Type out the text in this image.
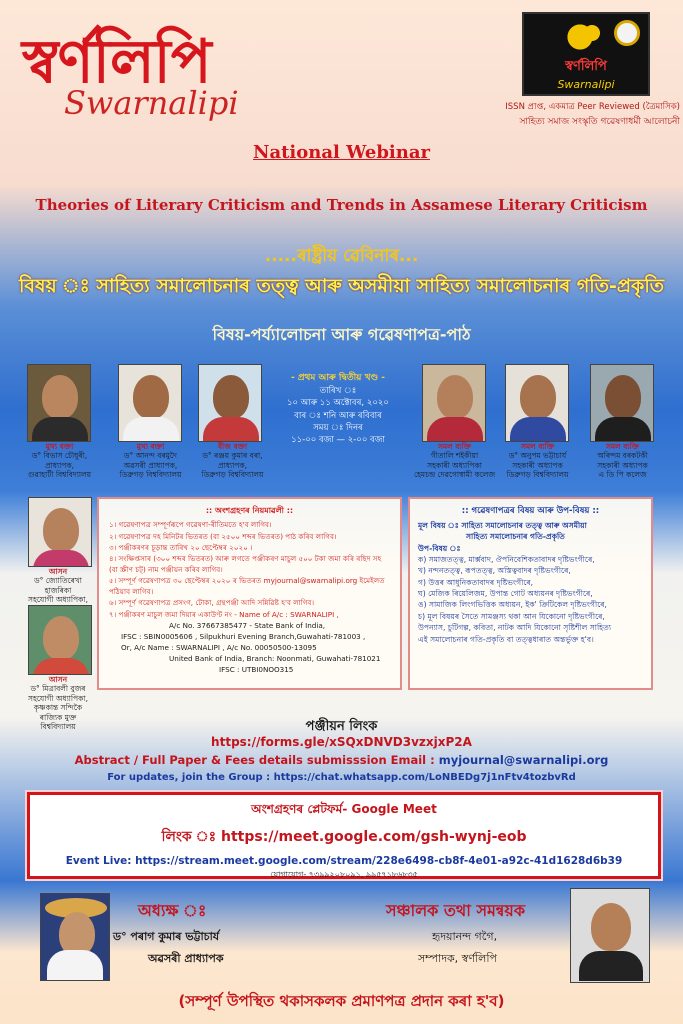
স্বৰ্ণলিপি
Swarnalipi
স্বৰ্ণলিপি
Swarnalipi
ISSN প্ৰাপ্ত, একমাত্ৰ Peer Reviewed (ত্ৰৈমাসিক)
সাহিত্য সমাজ সংস্কৃতি গৱেষণাধৰ্মী আলোচনী
National Webinar
Theories of Literary Criticism and Trends in Assamese Literary Criticism
.....ৰাষ্ট্ৰীয় ৱেবিনাৰ...
বিষয় ঃ সাহিত্য সমালোচনাৰ তত্ত্ব আৰু অসমীয়া সাহিত্য সমালোচনাৰ গতি-প্ৰকৃতি
বিষয়-পৰ্য্যালোচনা আৰু গৱেষণাপত্ৰ-পাঠ
মুখ্য বক্তা
ড° বিভাস চৌধুৰী,
প্ৰাধ্যাপক,
গুৱাহাটী বিশ্ববিদ্যালয়
মুখ্য বক্তা
ড° আনন্দ বৰমুদৈ
অৱসৰী প্ৰাধ্যাপক,
ডিব্ৰুগড় বিশ্ববিদ্যালয়
বীজ বক্তা
ড° ৰঞ্জয় কুমাৰ বৰা,
প্ৰাধ্যাপক,
ডিব্ৰুগড় বিশ্ববিদ্যালয়
- প্ৰথম আৰু দ্বিতীয় খণ্ড -
তাৰিখ ঃ
১০ আৰু ১১ অক্টোবৰ, ২০২০
বাৰ ঃ শনি আৰু ৰবিবাৰ
সময় ঃ দিনৰ
১১-০০ বজা — ২-০০ বজা
সমল ব্যক্তি
গীতালি শইকীয়া
সহকাৰী অধ্যাপিকা
হেমচন্দ্ৰ দেৱগোস্বামী কলেজ
সমল ব্যক্তি
ড° অনুপম ভট্টাচাৰ্য
সহকাৰী অধ্যাপক
ডিব্ৰুগড় বিশ্ববিদ্যালয়
সমল ব্যক্তি
অৰিন্দম বৰকটকী
সহকাৰী অধ্যাপক
এ ডি পি কলেজ
আসন
ড° জ্যোতিৰেখা হাজৰিকা
সহযোগী অধ্যাপিকা,
আসন
ড° মিত্ৰাবলী বুজৰ
সহযোগী অধ্যাপিকা,
কৃষ্ণকান্ত সন্দিকৈ ৰাজ্যিক মুক্ত বিশ্ববিদ্যালয়
:: অংশগ্ৰহণৰ নিয়মাৱলী ::
১। গৱেষণাপত্ৰ সম্পূৰ্ণৰূপে গৱেষণা-ৰীতিমতে হ'ব লাগিব।
২। গৱেষণাপত্ৰ দহ মিনিটৰ ভিতৰত (বা ২৫০০ শব্দৰ ভিতৰত) পাঠ কৰিব লাগিব।
৩। পঞ্জীকৰণৰ চূড়ান্ত তাৰিখ ২০ ছেপ্টেম্বৰ ২০২০ ।
৪। সংক্ষিপ্তসাৰ (৩০০ শব্দৰ ভিতৰত) আৰু লগতে পঞ্জীকৰণ মাচুল ৫০০ টকা জমা কৰি ৰছিদ সহ (বা স্ক্ৰীণ চট্) নাম পঞ্জীয়ন কৰিব লাগিব।
৫। সম্পূৰ্ণ গৱেষণাপত্ৰ ৩০ ছেপ্টেম্বৰ ২০২০ ৰ ভিতৰত myjournal@swarnalipi.org ইমেইলত পঠিয়াব লাগিব।
৬। সম্পূৰ্ণ গৱেষণাপত্ৰ প্ৰসংগ, টোকা, গ্ৰন্থপঞ্জী আদি সন্নিৱিষ্ট হ'ব লাগিব।
৭। পঞ্জীকৰণ মাচুল জমা দিয়াৰ একাউণ্ট নং - Name of A/c : SWARNALIPI ,
A/c No. 37667385477 - State Bank of India,
IFSC : SBIN0005606 , Silpukhuri Evening Branch,Guwahati-781003 ,
Or, A/c Name : SWARNALIPI , A/c No. 00050500-13095
United Bank of India, Branch: Noonmati, Guwahati-781021
IFSC : UTBI0NOO315
:: গৱেষণাপত্ৰৰ বিষয় আৰু উপ-বিষয় ::
মূল বিষয় ঃ সাহিত্য সমালোচনাৰ তত্ত্ব আৰু অসমীয়া
সাহিত্য সমালোচনাৰ গতি-প্ৰকৃতি
উপ-বিষয় ঃ
ক) সমাজতত্ত্ব, মাৰ্ক্সবাদ, ঔপনিবেশিকতাবাদৰ দৃষ্টিভংগীৰে,
খ) নন্দনতত্ত্ব, ৰূপতত্ত্ব, অস্তিত্ববাদৰ দৃষ্টিভংগীৰে,
গ) উত্তৰ আধুনিকতাবাদৰ দৃষ্টিভংগীৰে,
ঘ) মেজিক ৰিয়েলিজম, উপান্ত গোট অধ্যয়নৰ দৃষ্টিভংগীৰে,
ঙ) সামাজিক লিংগভিত্তিক অধ্যয়ন, ইক' ক্ৰিটিকেল দৃষ্টিভংগীৰে,
চ) মূল বিষয়ৰ সৈতে সামঞ্জস্য থকা আন যিকোনো দৃষ্টিভংগীৰে,
উপন্যাস, চুটিগল্প, কবিতা, নাটক আদি যিকোনো সৃষ্টিশীল সাহিত্য
এই সমালোচনাৰ গতি-প্ৰকৃতি বা তত্ত্বধাৰাত অন্তৰ্ভুক্ত হ'ব।
পঞ্জীয়ন লিংক
https://forms.gle/xSQxDNVD3vzxjxP2A
Abstract / Full Paper & Fees details submisssion Email : myjournal@swarnalipi.org
For updates, join the Group : https://chat.whatsapp.com/LoNBEDg7j1nFtv4tozbvRd
অংশগ্ৰহণৰ প্লেটফৰ্ম- Google Meet
লিংক ঃ https://meet.google.com/gsh-wynj-eob
Event Live: https://stream.meet.google.com/stream/228e6498-cb8f-4e01-a92c-41d1628d6b39
যোগাযোগ- ৭৩৯৯২০৮০৯১, ৯৯৫৭১৮৬৮৩৫
অধ্যক্ষ ঃ
ড° পৰাগ কুমাৰ ভট্টাচাৰ্য
অৱসৰী প্ৰাধ্যাপক
সঞ্চালক তথা সমন্বয়ক
হৃদয়ানন্দ গগৈ,
সম্পাদক, স্বৰ্ণলিপি
(সম্পূৰ্ণ উপস্থিত থকাসকলক প্ৰমাণপত্ৰ প্ৰদান কৰা হ'ব)
